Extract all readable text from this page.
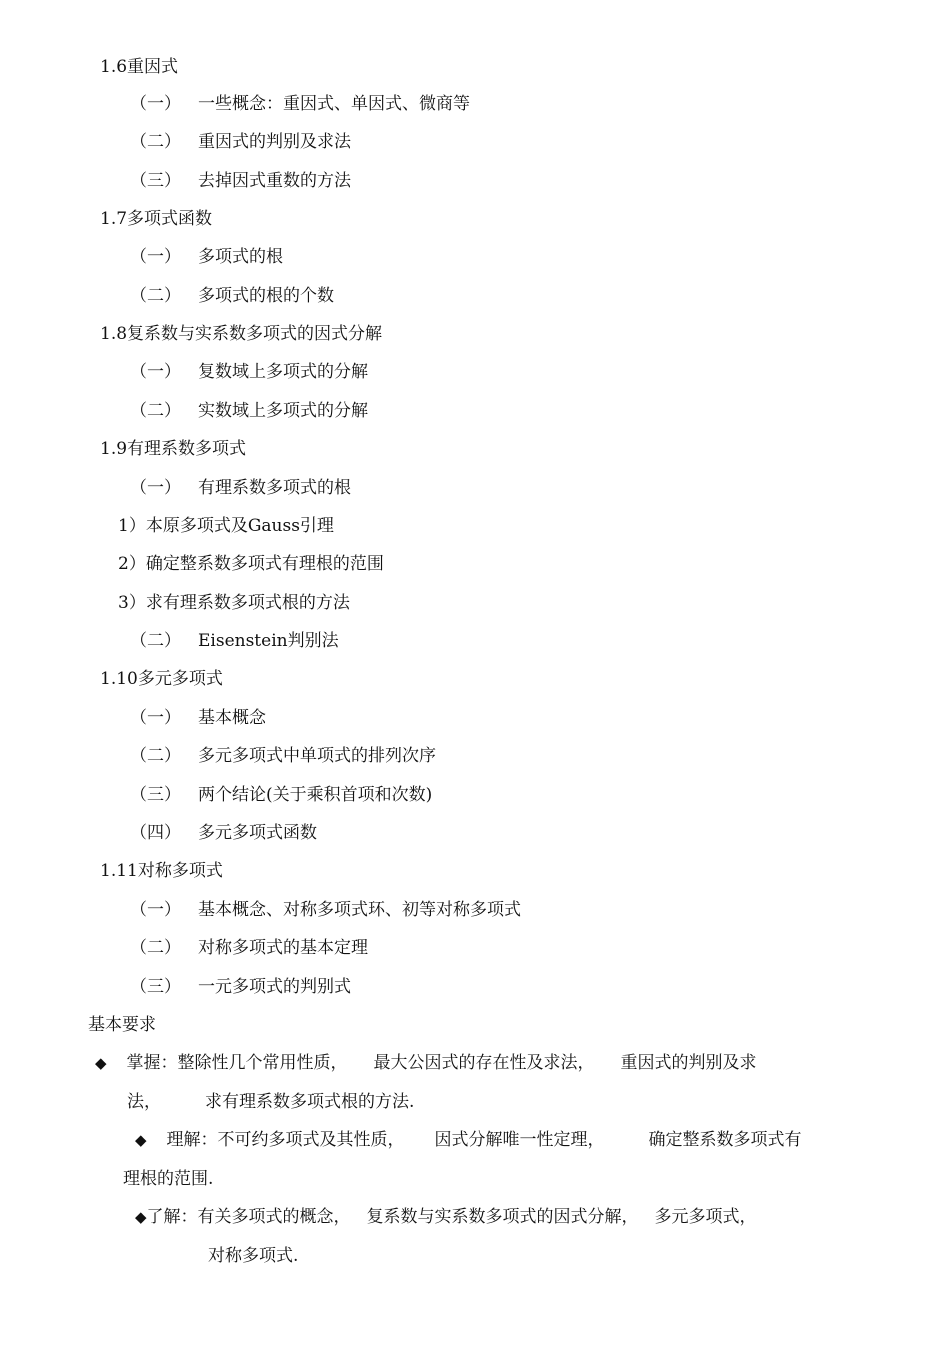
1.6重因式
（一） 一些概念：重因式、单因式、微商等
（二） 重因式的判别及求法
（三） 去掉因式重数的方法
1.7多项式函数
（一） 多项式的根
（二） 多项式的根的个数
1.8复系数与实系数多项式的因式分解
（一） 复数域上多项式的分解
（二） 实数域上多项式的分解
1.9有理系数多项式
（一） 有理系数多项式的根
1）本原多项式及Gauss引理
2）确定整系数多项式有理根的范围
3）求有理系数多项式根的方法
（二） Eisenstein判别法
1.10多元多项式
（一） 基本概念
（二） 多元多项式中单项式的排列次序
（三） 两个结论(关于乘积首项和次数)
（四） 多元多项式函数
1.11对称多项式
（一） 基本概念、对称多项式环、初等对称多项式
（二） 对称多项式的基本定理
（三） 一元多项式的判别式
基本要求
◆ 掌握：整除性几个常用性质， 最大公因式的存在性及求法， 重因式的判别及求
法，	求有理系数多项式根的方法.
◆ 理解：不可约多项式及其性质， 因式分解唯一性定理，	确定整系数多项式有
理根的范围.
◆了解：有关多项式的概念， 复系数与实系数多项式的因式分解， 多元多项式，
对称多项式.
